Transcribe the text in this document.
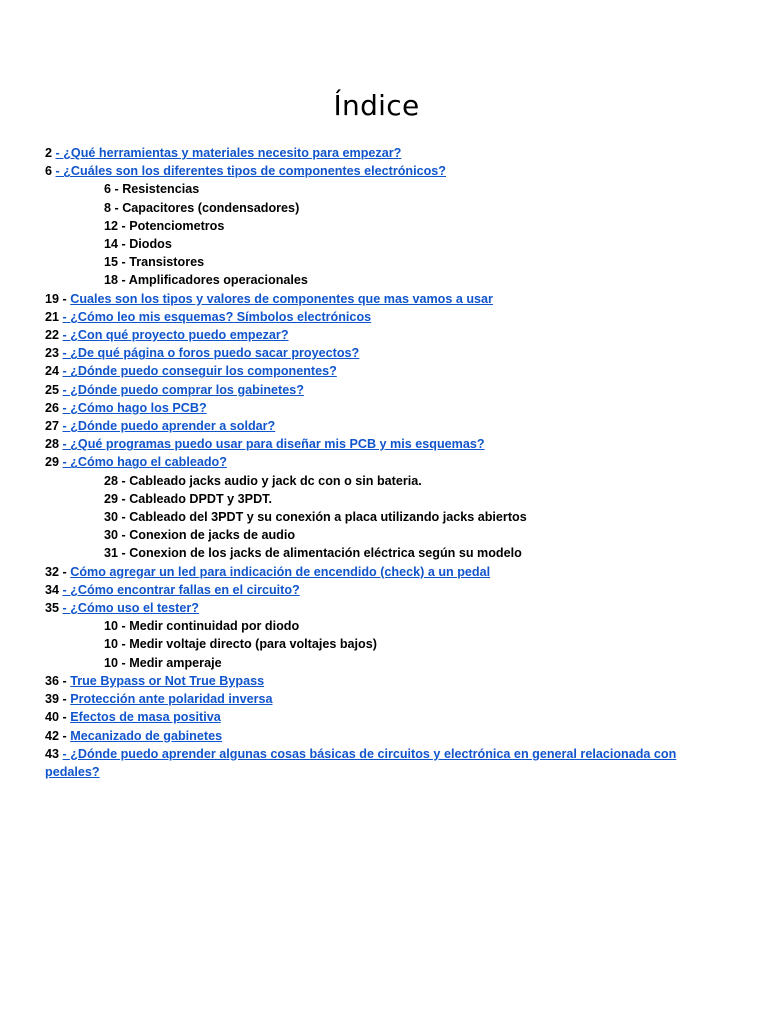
Índice
2 - ¿Qué herramientas y materiales necesito para empezar?
6 - ¿Cuáles son los diferentes tipos de componentes electrónicos?
6 - Resistencias
8 - Capacitores (condensadores)
12 - Potenciometros
14 - Diodos
15 - Transistores
18 - Amplificadores operacionales
19 - Cuales son los tipos y valores de componentes que mas vamos a usar
21 - ¿Cómo leo mis esquemas? Símbolos electrónicos
22 - ¿Con qué proyecto puedo empezar?
23 - ¿De qué página o foros puedo sacar proyectos?
24 - ¿Dónde puedo conseguir los componentes?
25 - ¿Dónde puedo comprar los gabinetes?
26 - ¿Cómo hago los PCB?
27 - ¿Dónde puedo aprender a soldar?
28 - ¿Qué programas puedo usar para diseñar mis PCB y mis esquemas?
29 - ¿Cómo hago el cableado?
28 - Cableado jacks audio y jack dc con o sin bateria.
29 - Cableado DPDT y 3PDT.
30 - Cableado del 3PDT y su conexión a placa utilizando jacks abiertos
30 - Conexion de jacks de audio
31 - Conexion de los jacks de alimentación eléctrica según su modelo
32 - Cómo agregar un led para indicación de encendido (check) a un pedal
34 - ¿Cómo encontrar fallas en el circuito?
35 - ¿Cómo uso el tester?
10 - Medir continuidad por diodo
10 - Medir voltaje directo (para voltajes bajos)
10 - Medir amperaje
36 - True Bypass or Not True Bypass
39 - Protección ante polaridad inversa
40 - Efectos de masa positiva
42 - Mecanizado de gabinetes
43 - ¿Dónde puedo aprender algunas cosas básicas de circuitos y electrónica en general relacionada con pedales?
